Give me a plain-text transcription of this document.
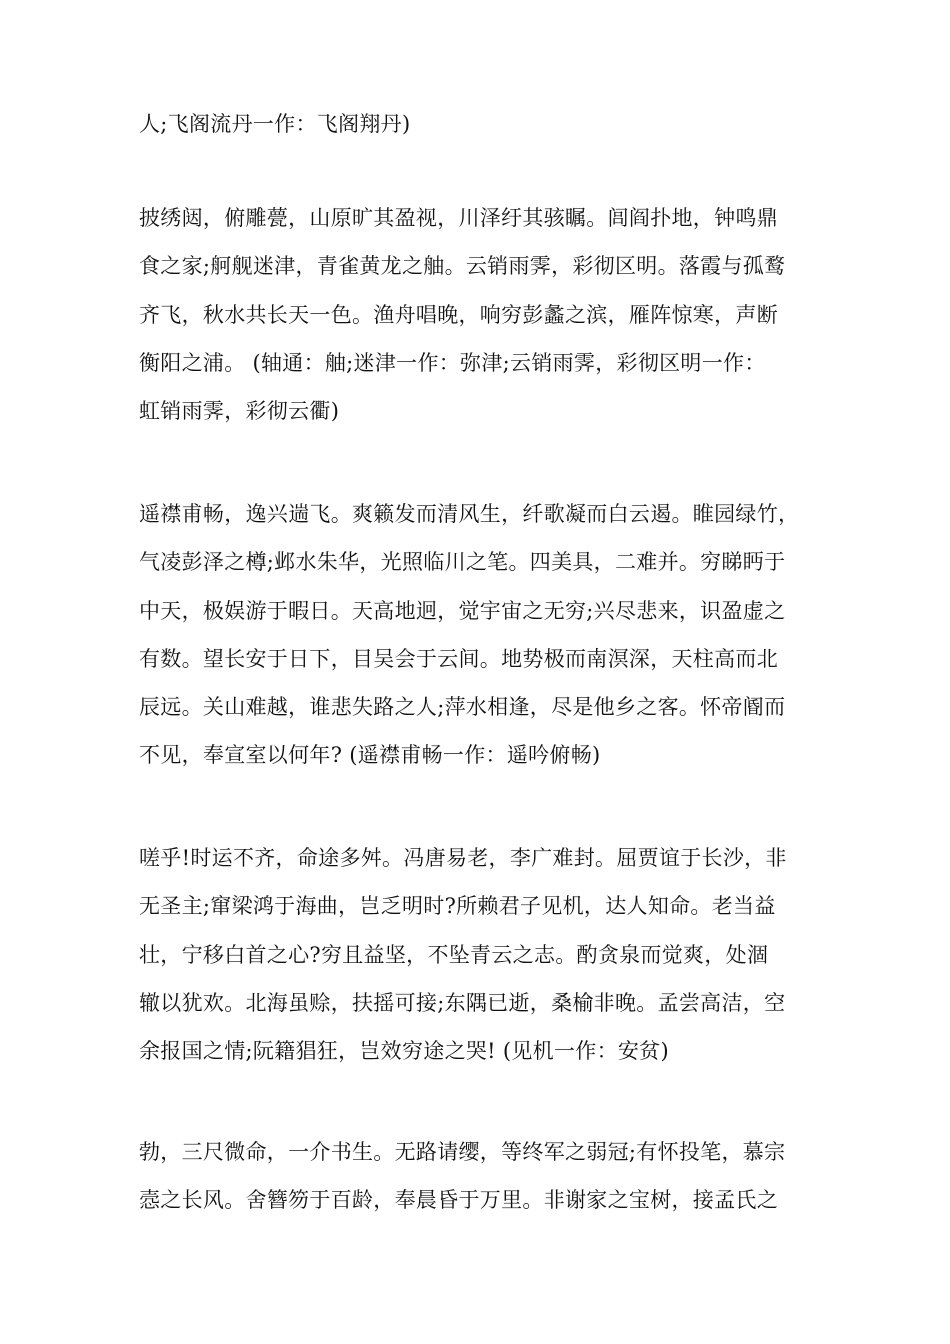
人;飞阁流丹一作：飞阁翔丹)

披绣闼，俯雕甍，山原旷其盈视，川泽纡其骇瞩。闾阎扑地，钟鸣鼎
食之家;舸舰迷津，青雀黄龙之舳。云销雨霁，彩彻区明。落霞与孤鹜
齐飞，秋水共长天一色。渔舟唱晚，响穷彭蠡之滨，雁阵惊寒，声断
衡阳之浦。 (轴通：舳;迷津一作：弥津;云销雨霁，彩彻区明一作：
虹销雨霁，彩彻云衢)

遥襟甫畅，逸兴遄飞。爽籁发而清风生，纤歌凝而白云遏。睢园绿竹，
气凌彭泽之樽;邺水朱华，光照临川之笔。四美具，二难并。穷睇眄于
中天，极娱游于暇日。天高地迥，觉宇宙之无穷;兴尽悲来，识盈虚之
有数。望长安于日下，目吴会于云间。地势极而南溟深，天柱高而北
辰远。关山难越，谁悲失路之人;萍水相逢，尽是他乡之客。怀帝阍而
不见，奉宣室以何年? (遥襟甫畅一作：遥吟俯畅)

嗟乎!时运不齐，命途多舛。冯唐易老，李广难封。屈贾谊于长沙，非
无圣主;窜梁鸿于海曲，岂乏明时?所赖君子见机，达人知命。老当益
壮，宁移白首之心?穷且益坚，不坠青云之志。酌贪泉而觉爽，处涸
辙以犹欢。北海虽赊，扶摇可接;东隅已逝，桑榆非晚。孟尝高洁，空
余报国之情;阮籍猖狂，岂效穷途之哭! (见机一作：安贫)

勃，三尺微命，一介书生。无路请缨，等终军之弱冠;有怀投笔，慕宗
悫之长风。舍簪笏于百龄，奉晨昏于万里。非谢家之宝树，接孟氏之
